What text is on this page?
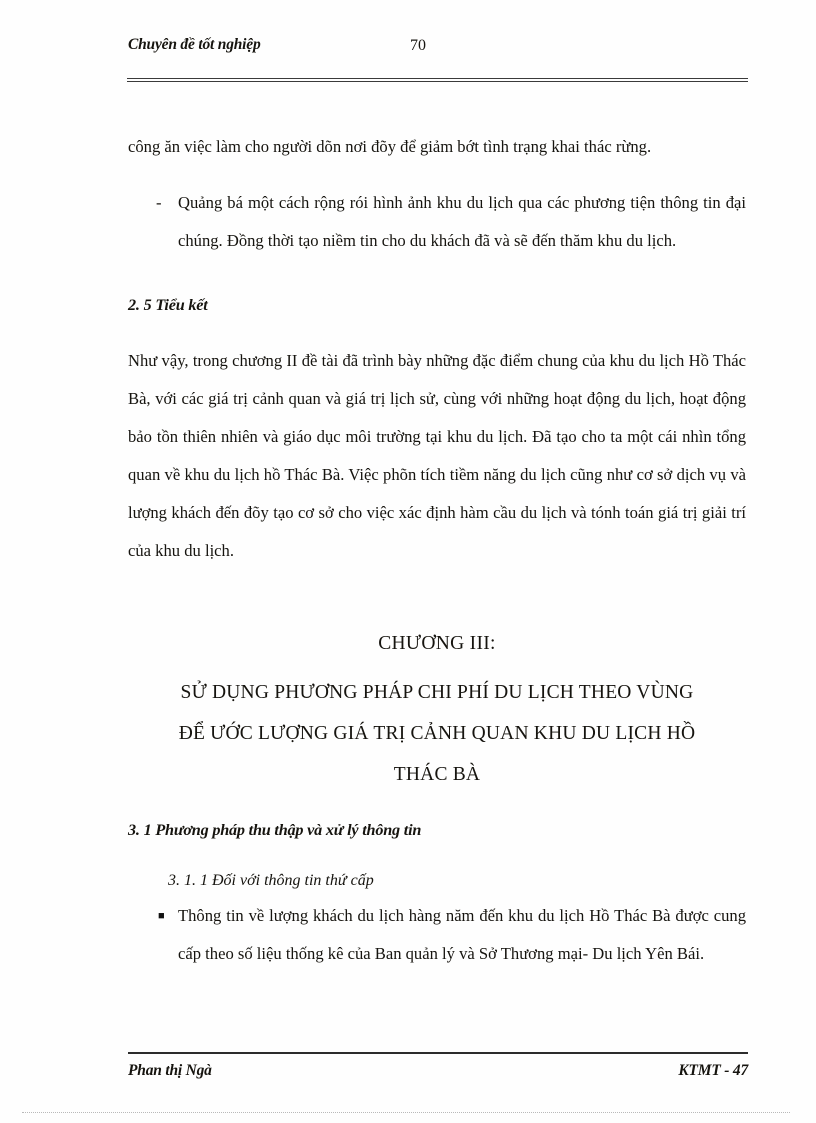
Chuyên đề tốt nghiệp	70

công ăn việc làm cho người dõn nơi đõy để giảm bớt tình trạng khai thác rừng.

- Quảng bá một cách rộng rói hình ảnh khu du lịch qua các phương tiện thông tin đại chúng. Đồng thời tạo niềm tin cho du khách đã và sẽ đến thăm khu du lịch.
2. 5 Tiểu kết

Như vậy, trong chương II đề tài đã trình bày những đặc điểm chung của khu du lịch Hồ Thác Bà, với các giá trị cảnh quan và giá trị lịch sử, cùng với những hoạt động du lịch, hoạt động bảo tồn thiên nhiên và giáo dục môi trường tại khu du lịch. Đã tạo cho ta một cái nhìn tổng quan về khu du lịch hồ Thác Bà. Việc phõn tích tiềm năng du lịch cũng như cơ sở dịch vụ và lượng khách đến đõy tạo cơ sở cho việc xác định hàm cầu du lịch và tónh toán giá trị giải trí của khu du lịch.

CHƯƠNG III:
SỬ DỤNG PHƯƠNG PHÁP CHI PHÍ DU LỊCH THEO VÙNG
ĐỂ ƯỚC LƯỢNG GIÁ TRỊ CẢNH QUAN KHU DU LỊCH HỒ
THÁC BÀ
3. 1 Phương pháp thu thập và xử lý thông tin
3. 1. 1 Đối với thông tin thứ cấp
■ Thông tin về lượng khách du lịch hàng năm đến khu du lịch Hồ Thác Bà được cung cấp theo số liệu thống kê của Ban quản lý và Sở Thương mại- Du lịch Yên Bái.
Phan thị Ngà	KTMT - 47
